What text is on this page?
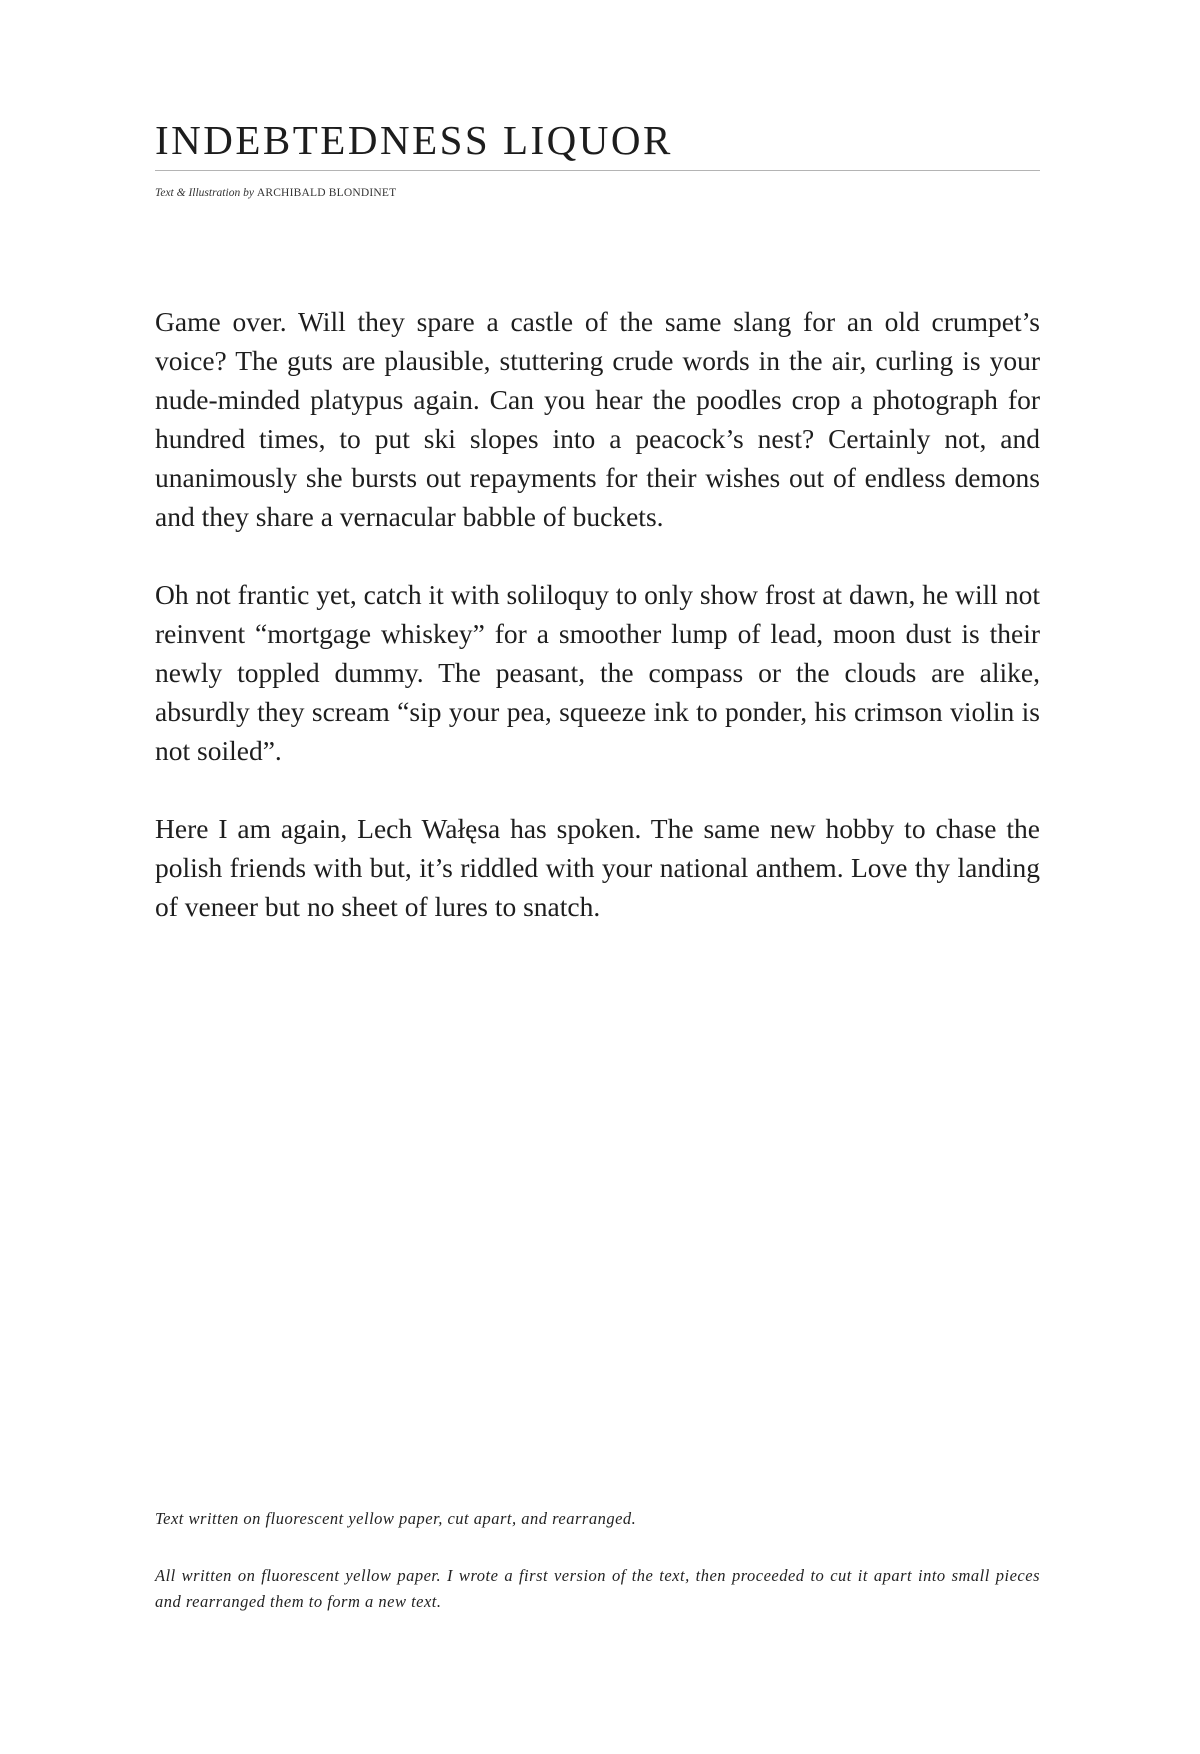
INDEBTEDNESS LIQUOR
Text & Illustration by ARCHIBALD BLONDINET

Game over. Will they spare a castle of the same slang for an old crumpet’s voice? The guts are plausible, stuttering crude words in the air, curling is your nude-minded platypus again. Can you hear the poodles crop a photograph for hundred times, to put ski slopes into a peacock’s nest? Certainly not, and unanimously she bursts out repayments for their wishes out of endless demons and they share a vernacular babble of buckets.

Oh not frantic yet, catch it with soliloquy to only show frost at dawn, he will not reinvent “mortgage whiskey” for a smoother lump of lead, moon dust is their newly toppled dummy. The peasant, the compass or the clouds are alike, absurdly they scream “sip your pea, squeeze ink to ponder, his crimson violin is not soiled”.

Here I am again, Lech Wałęsa has spoken. The same new hobby to chase the polish friends with but, it’s riddled with your national anthem. Love thy landing of veneer but no sheet of lures to snatch.

Text written on fluorescent yellow paper, cut apart, and rearranged.

All written on fluorescent yellow paper. I wrote a first version of the text, then proceeded to cut it apart into small pieces and rearranged them to form a new text.
